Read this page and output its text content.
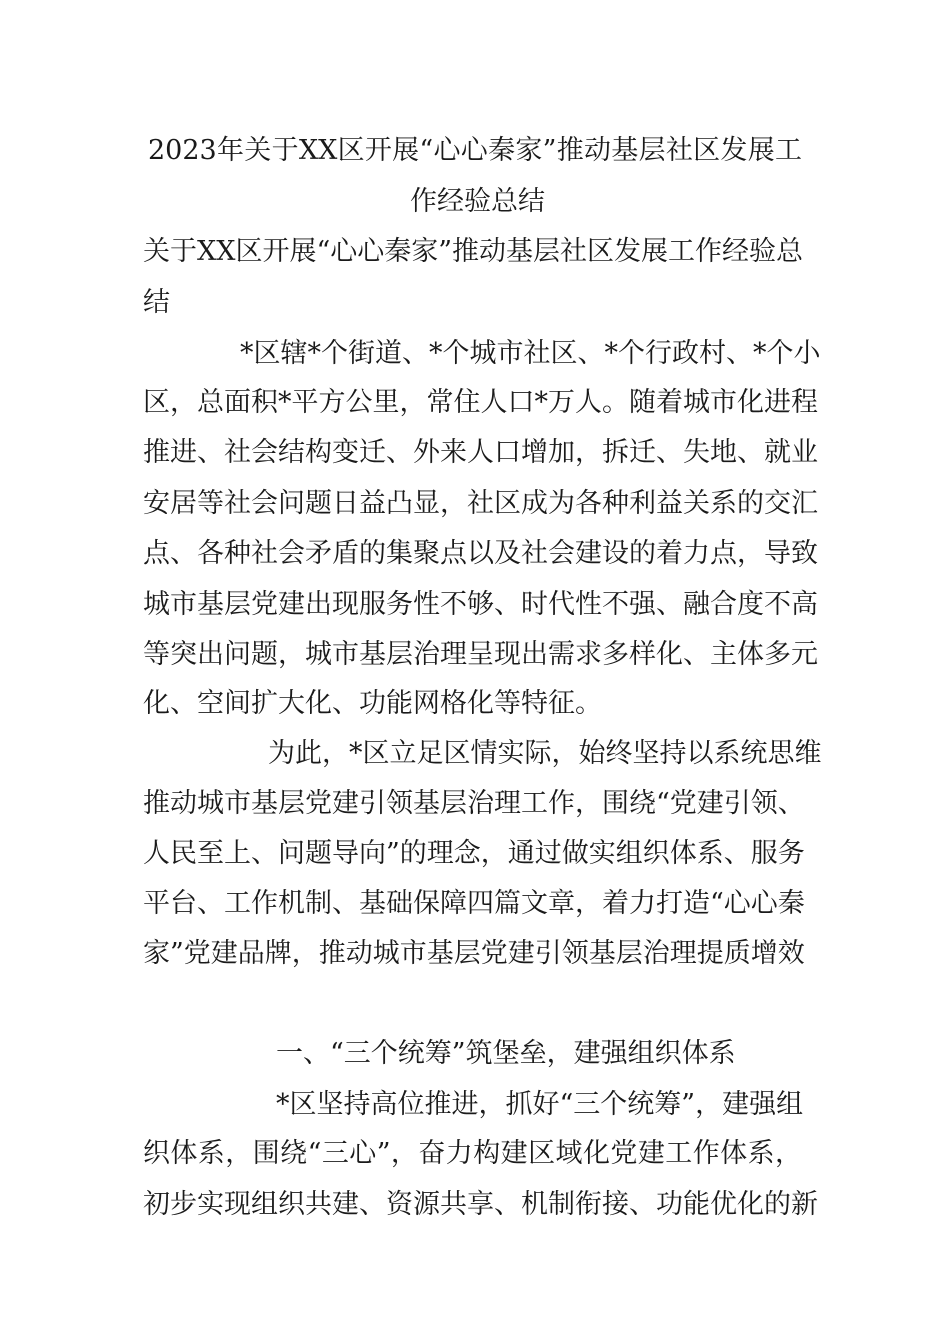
2023年关于XX区开展“心心秦家”推动基层社区发展工
作经验总结
关于XX区开展“心心秦家”推动基层社区发展工作经验总
结
*区辖*个街道、*个城市社区、*个行政村、*个小
区，总面积*平方公里，常住人口*万人。随着城市化进程
推进、社会结构变迁、外来人口增加，拆迁、失地、就业
安居等社会问题日益凸显，社区成为各种利益关系的交汇
点、各种社会矛盾的集聚点以及社会建设的着力点，导致
城市基层党建出现服务性不够、时代性不强、融合度不高
等突出问题，城市基层治理呈现出需求多样化、主体多元
化、空间扩大化、功能网格化等特征。
为此，*区立足区情实际，始终坚持以系统思维
推动城市基层党建引领基层治理工作，围绕“党建引领、
人民至上、问题导向”的理念，通过做实组织体系、服务
平台、工作机制、基础保障四篇文章，着力打造“心心秦
家”党建品牌，推动城市基层党建引领基层治理提质增效
一、“三个统筹”筑堡垒，建强组织体系
*区坚持高位推进，抓好“三个统筹”，建强组
织体系，围绕“三心”，奋力构建区域化党建工作体系，
初步实现组织共建、资源共享、机制衔接、功能优化的新
